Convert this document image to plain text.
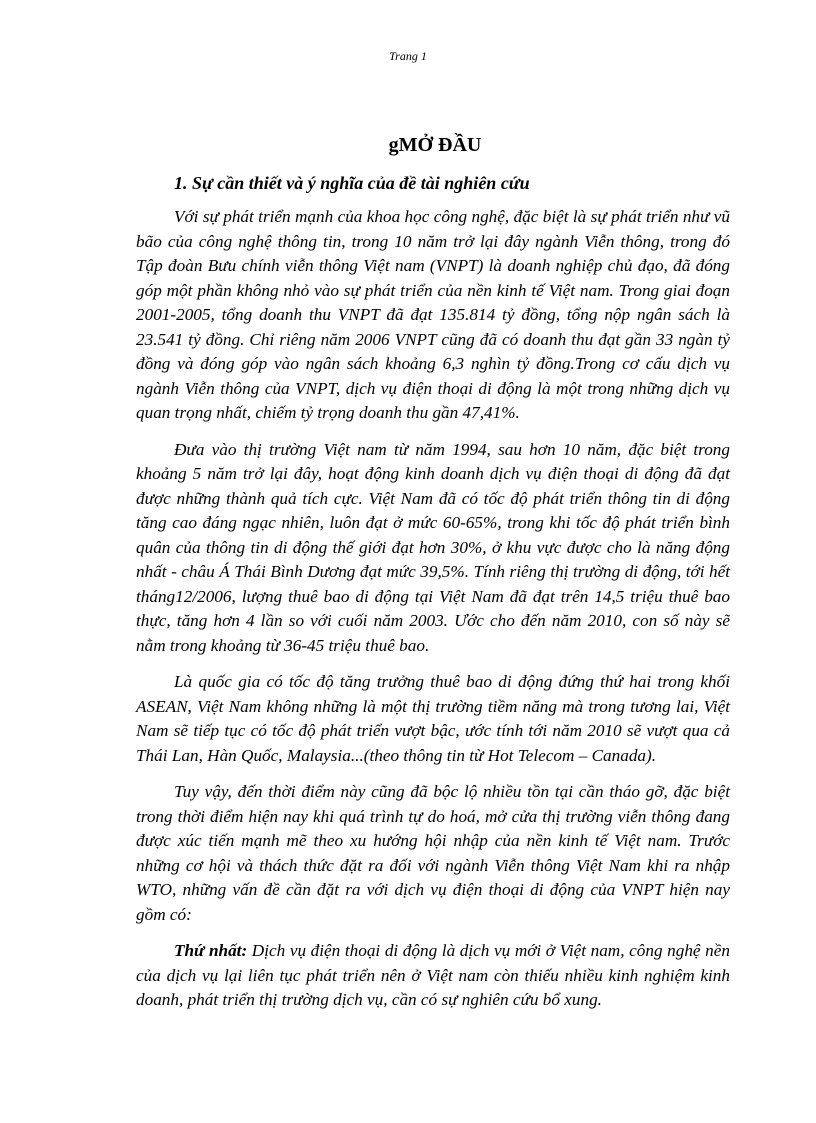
Trang 1
gMỞ ĐẦU
1. Sự cần thiết và ý nghĩa của đề tài nghiên cứu

Với sự phát triển mạnh của khoa học công nghệ, đặc biệt là sự phát triển như vũ bão của công nghệ thông tin, trong 10 năm trở lại đây ngành Viễn thông, trong đó Tập đoàn Bưu chính viễn thông Việt nam (VNPT) là doanh nghiệp chủ đạo, đã đóng góp một phần không nhỏ vào sự phát triển của nền kinh tế Việt nam. Trong giai đoạn 2001-2005, tổng doanh thu VNPT đã đạt 135.814 tỷ đồng, tổng nộp ngân sách là 23.541 tỷ đồng. Chỉ riêng năm 2006 VNPT cũng đã có doanh thu đạt gần 33 ngàn tỷ đồng và đóng góp vào ngân sách khoảng 6,3 nghìn tỷ đồng.Trong cơ cấu dịch vụ ngành Viễn thông của VNPT, dịch vụ điện thoại di động là một trong những dịch vụ quan trọng nhất, chiếm tỷ trọng doanh thu gần 47,41%.

Đưa vào thị trường Việt nam từ năm 1994, sau hơn 10 năm, đặc biệt trong khoảng 5 năm trở lại đây, hoạt động kinh doanh dịch vụ điện thoại di động đã đạt được những thành quả tích cực. Việt Nam đã có tốc độ phát triển thông tin di động tăng cao đáng ngạc nhiên, luôn đạt ở mức 60-65%, trong khi tốc độ phát triển bình quân của thông tin di động thế giới đạt hơn 30%, ở khu vực được cho là năng động nhất - châu Á Thái Bình Dương đạt mức 39,5%. Tính riêng thị trường di động, tới hết tháng12/2006, lượng thuê bao di động tại Việt Nam đã đạt trên 14,5 triệu thuê bao thực, tăng hơn 4 lần so với cuối năm 2003. Ước cho đến năm 2010, con số này sẽ nằm trong khoảng từ 36-45 triệu thuê bao.

Là quốc gia có tốc độ tăng trưởng thuê bao di động đứng thứ hai trong khối ASEAN, Việt Nam không những là một thị trường tiềm năng mà trong tương lai, Việt Nam sẽ tiếp tục có tốc độ phát triển vượt bậc, ước tính tới năm 2010 sẽ vượt qua cả Thái Lan, Hàn Quốc, Malaysia...(theo thông tin từ Hot Telecom – Canada).

Tuy vậy, đến thời điểm này cũng đã bộc lộ nhiều tồn tại cần tháo gỡ, đặc biệt trong thời điểm hiện nay khi quá trình tự do hoá, mở cửa thị trường viễn thông đang được xúc tiến mạnh mẽ theo xu hướng hội nhập của nền kinh tế Việt nam. Trước những cơ hội và thách thức đặt ra đối với ngành Viễn thông Việt Nam khi ra nhập WTO, những vấn đề cần đặt ra với dịch vụ điện thoại di động của VNPT hiện nay gồm có:

Thứ nhất: Dịch vụ điện thoại di động là dịch vụ mới ở Việt nam, công nghệ nền của dịch vụ lại liên tục phát triển nên ở Việt nam còn thiếu nhiều kinh nghiệm kinh doanh, phát triển thị trường dịch vụ, cần có sự nghiên cứu bổ xung.
